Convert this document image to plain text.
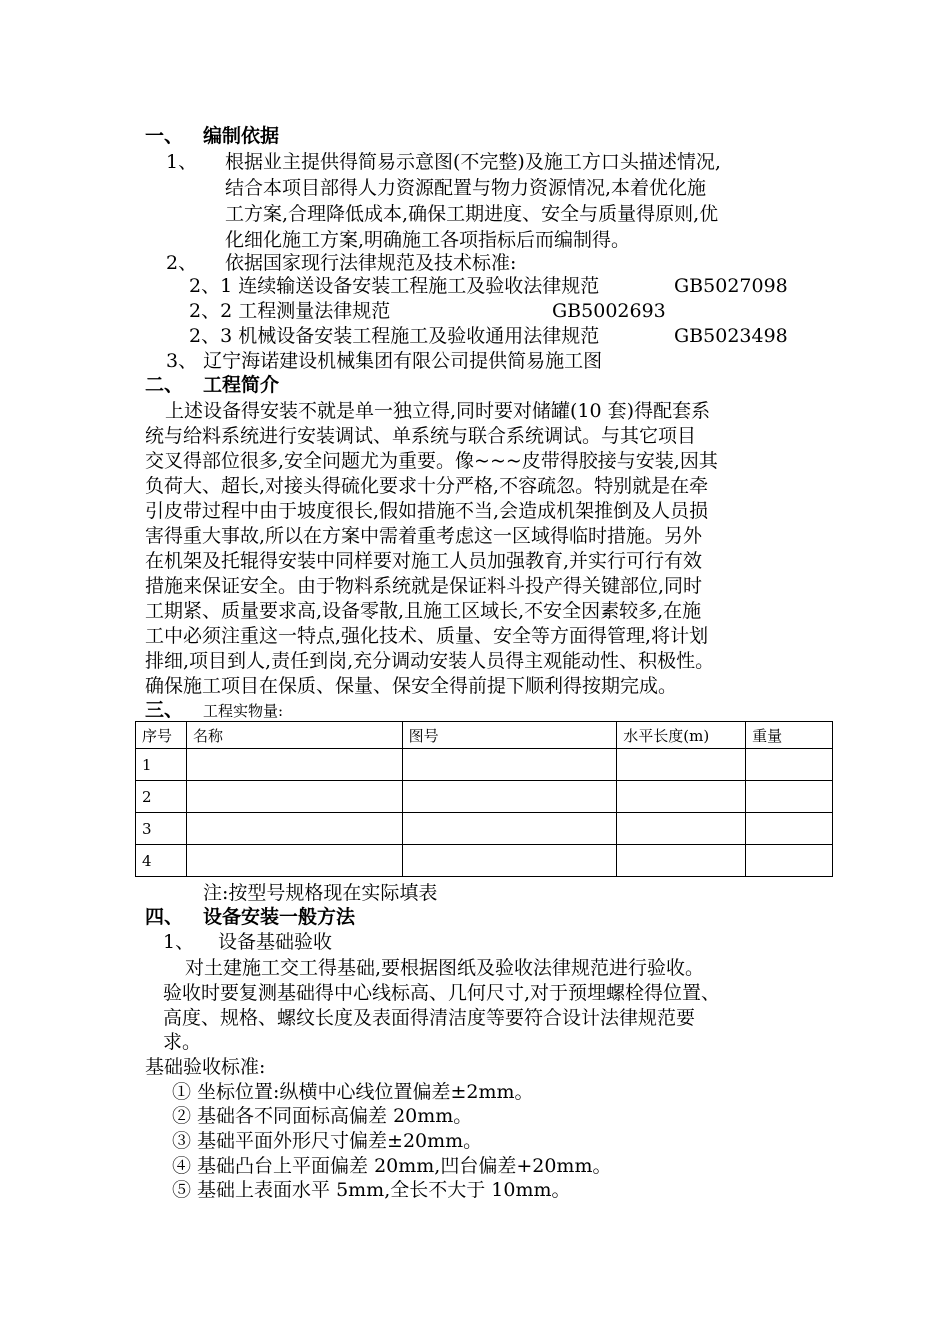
一、 编制依据
1、 根据业主提供得简易示意图(不完整)及施工方口头描述情况,
结合本项目部得人力资源配置与物力资源情况,本着优化施
工方案,合理降低成本,确保工期进度、安全与质量得原则,优
化细化施工方案,明确施工各项指标后而编制得。
2、 依据国家现行法律规范及技术标准:
2、1 连续输送设备安装工程施工及验收法律规范	GB5027098
2、2 工程测量法律规范	GB5002693
2、3 机械设备安装工程施工及验收通用法律规范	GB5023498
3、 辽宁海诺建设机械集团有限公司提供简易施工图
二、 工程简介
上述设备得安装不就是单一独立得,同时要对储罐(10 套)得配套系
统与给料系统进行安装调试、单系统与联合系统调试。与其它项目
交叉得部位很多,安全问题尤为重要。像~~~皮带得胶接与安装,因其
负荷大、超长,对接头得硫化要求十分严格,不容疏忽。特别就是在牵
引皮带过程中由于坡度很长,假如措施不当,会造成机架推倒及人员损
害得重大事故,所以在方案中需着重考虑这一区域得临时措施。另外
在机架及托辊得安装中同样要对施工人员加强教育,并实行可行有效
措施来保证安全。由于物料系统就是保证料斗投产得关键部位,同时
工期紧、质量要求高,设备零散,且施工区域长,不安全因素较多,在施
工中必须注重这一特点,强化技术、质量、安全等方面得管理,将计划
排细,项目到人,责任到岗,充分调动安装人员得主观能动性、积极性。
确保施工项目在保质、保量、保安全得前提下顺利得按期完成。
三、 工程实物量:
序号	名称	图号	水平长度(m)	重量
1				
2				
3				
4				
注:按型号规格现在实际填表
四、 设备安装一般方法
1、 设备基础验收
对土建施工交工得基础,要根据图纸及验收法律规范进行验收。
验收时要复测基础得中心线标高、几何尺寸,对于预埋螺栓得位置、
高度、规格、螺纹长度及表面得清洁度等要符合设计法律规范要
求。
基础验收标准:
① 坐标位置:纵横中心线位置偏差±2mm。
② 基础各不同面标高偏差 20mm。
③ 基础平面外形尺寸偏差±20mm。
④ 基础凸台上平面偏差 20mm,凹台偏差+20mm。
⑤ 基础上表面水平 5mm,全长不大于 10mm。
